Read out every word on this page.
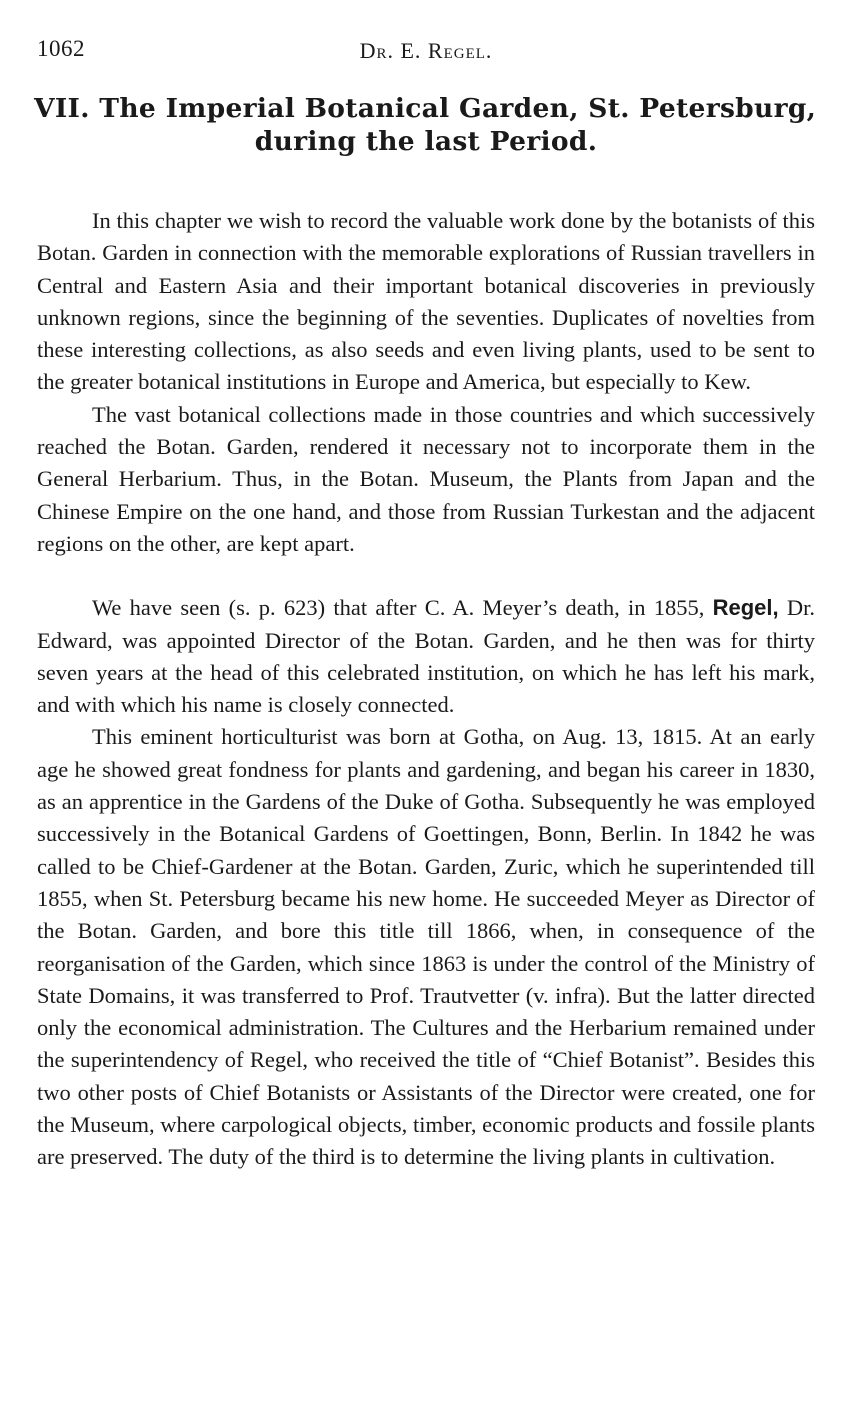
1062	Dr. E. Regel.
VII. The Imperial Botanical Garden, St. Petersburg,
during the last Period.

In this chapter we wish to record the valuable work done by the botanists of this Botan. Garden in connection with the memorable explorations of Russian travellers in Central and Eastern Asia and their important botanical discoveries in previously unknown regions, since the beginning of the seventies. Duplicates of novelties from these interesting collections, as also seeds and even living plants, used to be sent to the greater botanical institutions in Europe and America, but especially to Kew.

The vast botanical collections made in those countries and which successively reached the Botan. Garden, rendered it necessary not to incorporate them in the General Herbarium. Thus, in the Botan. Museum, the Plants from Japan and the Chinese Empire on the one hand, and those from Russian Turkestan and the adjacent regions on the other, are kept apart.

We have seen (s. p. 623) that after C. A. Meyer’s death, in 1855, Regel, Dr. Edward, was appointed Director of the Botan. Garden, and he then was for thirty seven years at the head of this celebrated institution, on which he has left his mark, and with which his name is closely connected.

This eminent horticulturist was born at Gotha, on Aug. 13, 1815. At an early age he showed great fondness for plants and gardening, and began his career in 1830, as an apprentice in the Gardens of the Duke of Gotha. Subsequently he was employed successively in the Botanical Gardens of Goettingen, Bonn, Berlin. In 1842 he was called to be Chief-Gardener at the Botan. Garden, Zuric, which he superintended till 1855, when St. Petersburg became his new home. He succeeded Meyer as Director of the Botan. Garden, and bore this title till 1866, when, in consequence of the reorganisation of the Garden, which since 1863 is under the control of the Ministry of State Domains, it was transferred to Prof. Trautvetter (v. infra). But the latter directed only the economical administration. The Cultures and the Herbarium remained under the superintendency of Regel, who received the title of “Chief Botanist”. Besides this two other posts of Chief Botanists or Assistants of the Director were created, one for the Museum, where carpological objects, timber, economic products and fossile plants are preserved. The duty of the third is to determine the living plants in cultivation.
